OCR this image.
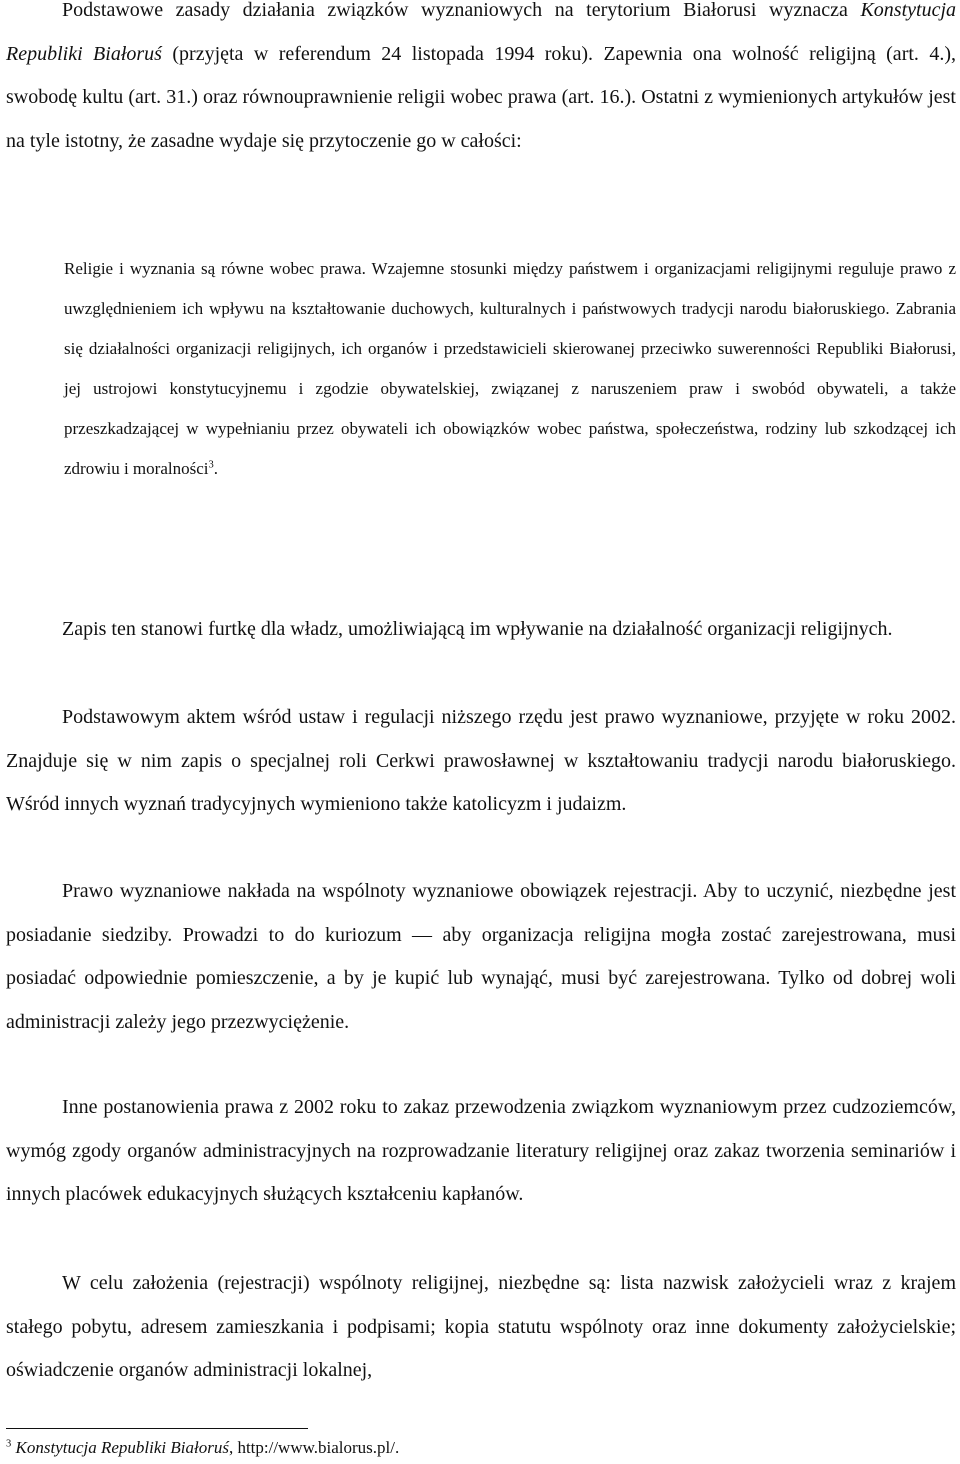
Podstawowe zasady działania związków wyznaniowych na terytorium Białorusi wyznacza Konstytucja Republiki Białoruś (przyjęta w referendum 24 listopada 1994 roku). Zapewnia ona wolność religijną (art. 4.), swobodę kultu (art. 31.) oraz równouprawnienie religii wobec prawa (art. 16.). Ostatni z wymienionych artykułów jest na tyle istotny, że zasadne wydaje się przytoczenie go w całości:

Religie i wyznania są równe wobec prawa. Wzajemne stosunki między państwem i organizacjami religijnymi reguluje prawo z uwzględnieniem ich wpływu na kształtowanie duchowych, kulturalnych i państwowych tradycji narodu białoruskiego. Zabrania się działalności organizacji religijnych, ich organów i przedstawicieli skierowanej przeciwko suwerenności Republiki Białorusi, jej ustrojowi konstytucyjnemu i zgodzie obywatelskiej, związanej z naruszeniem praw i swobód obywateli, a także przeszkadzającej w wypełnianiu przez obywateli ich obowiązków wobec państwa, społeczeństwa, rodziny lub szkodzącej ich zdrowiu i moralności$^3$.

Zapis ten stanowi furtkę dla władz, umożliwiającą im wpływanie na działalność organizacji religijnych.

Podstawowym aktem wśród ustaw i regulacji niższego rzędu jest prawo wyznaniowe, przyjęte w roku 2002. Znajduje się w nim zapis o specjalnej roli Cerkwi prawosławnej w kształtowaniu tradycji narodu białoruskiego. Wśród innych wyznań tradycyjnych wymieniono także katolicyzm i judaizm.

Prawo wyznaniowe nakłada na wspólnoty wyznaniowe obowiązek rejestracji. Aby to uczynić, niezbędne jest posiadanie siedziby. Prowadzi to do kuriozum — aby organizacja religijna mogła zostać zarejestrowana, musi posiadać odpowiednie pomieszczenie, a by je kupić lub wynająć, musi być zarejestrowana. Tylko od dobrej woli administracji zależy jego przezwyciężenie.

Inne postanowienia prawa z 2002 roku to zakaz przewodzenia związkom wyznaniowym przez cudzoziemców, wymóg zgody organów administracyjnych na rozprowadzanie literatury religijnej oraz zakaz tworzenia seminariów i innych placówek edukacyjnych służących kształceniu kapłanów.

W celu założenia (rejestracji) wspólnoty religijnej, niezbędne są: lista nazwisk założycieli wraz z krajem stałego pobytu, adresem zamieszkania i podpisami; kopia statutu wspólnoty oraz inne dokumenty założycielskie; oświadczenie organów administracji lokalnej,

$^3$ Konstytucja Republiki Białoruś, http://www.bialorus.pl/.
